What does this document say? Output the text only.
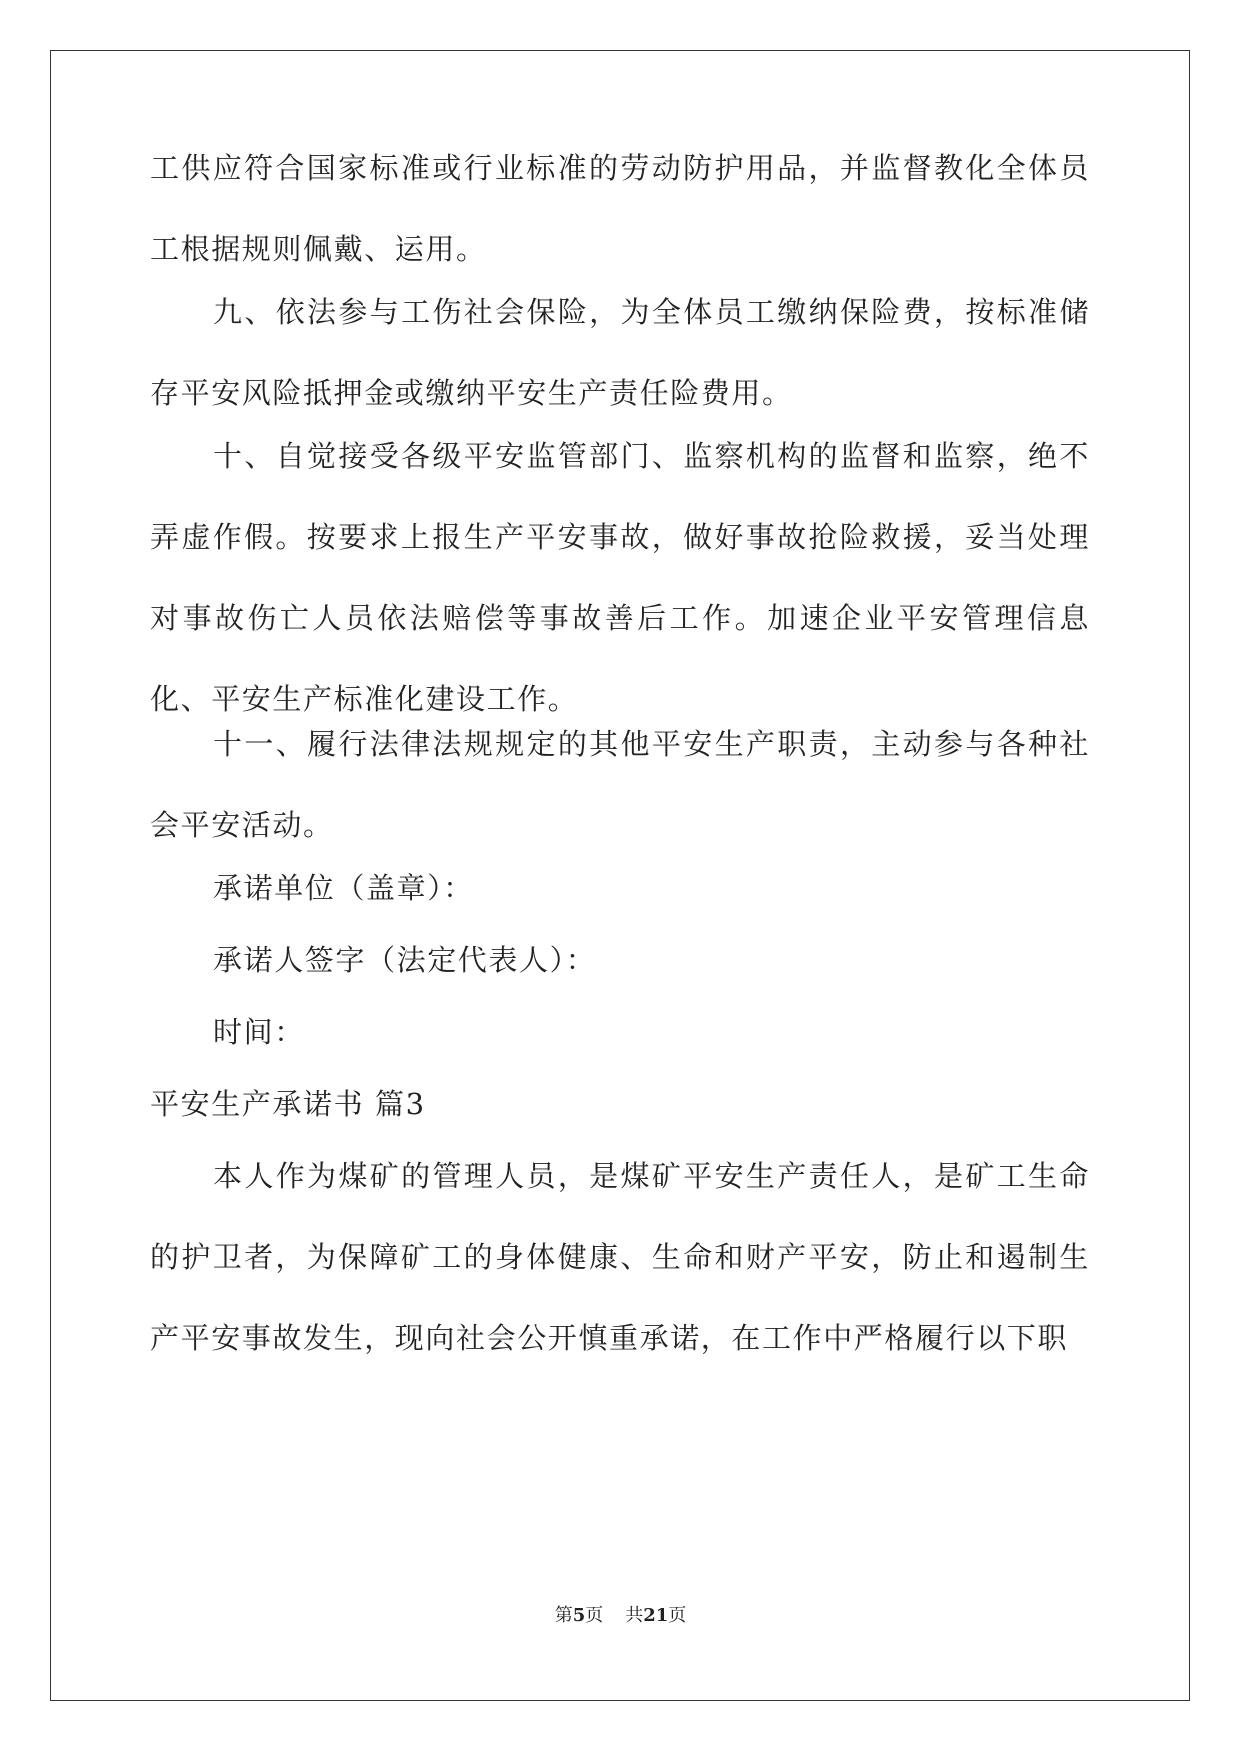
工供应符合国家标准或行业标准的劳动防护用品，并监督教化全体员工根据规则佩戴、运用。

九、依法参与工伤社会保险，为全体员工缴纳保险费，按标准储存平安风险抵押金或缴纳平安生产责任险费用。

十、自觉接受各级平安监管部门、监察机构的监督和监察，绝不弄虚作假。按要求上报生产平安事故，做好事故抢险救援，妥当处理对事故伤亡人员依法赔偿等事故善后工作。加速企业平安管理信息化、平安生产标准化建设工作。

十一、履行法律法规规定的其他平安生产职责，主动参与各种社会平安活动。

承诺单位（盖章）：

承诺人签字（法定代表人）：

时间：

平安生产承诺书 篇3

本人作为煤矿的管理人员，是煤矿平安生产责任人，是矿工生命的护卫者，为保障矿工的身体健康、生命和财产平安，防止和遏制生产平安事故发生，现向社会公开慎重承诺，在工作中严格履行以下职

第5页 共21页
